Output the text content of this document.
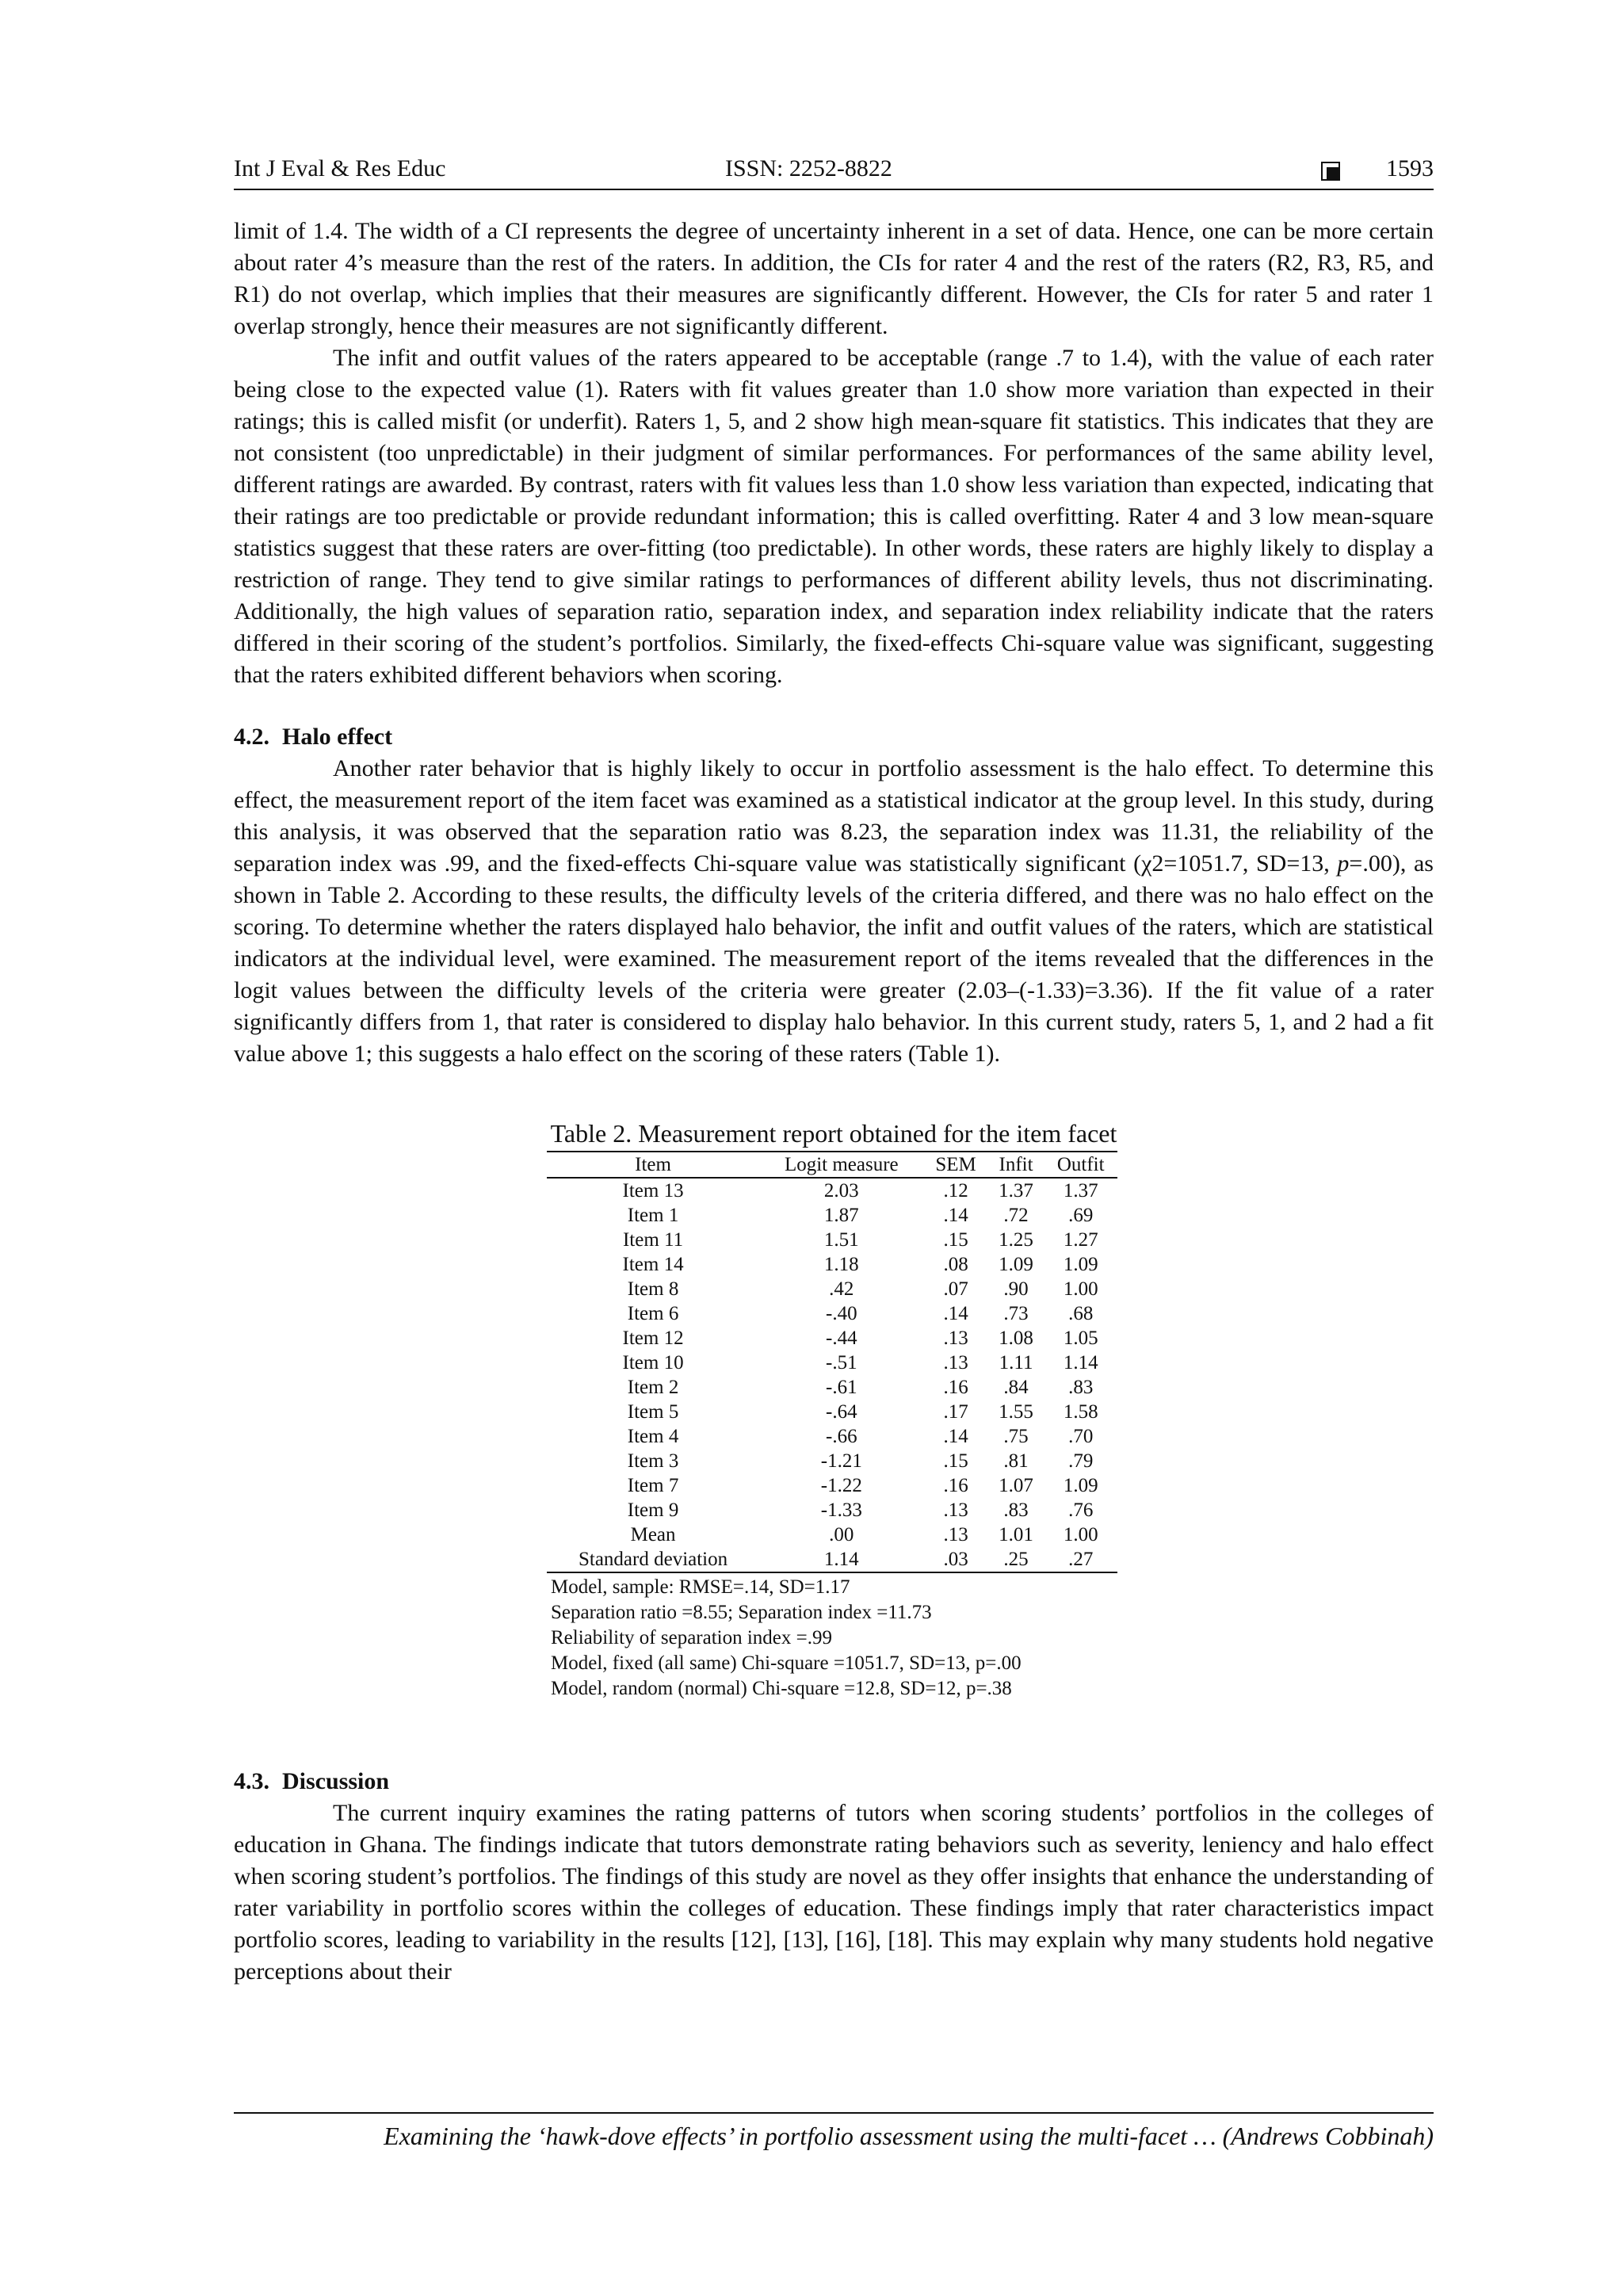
Int J Eval & Res Educ	ISSN: 2252-8822	1593

limit of 1.4. The width of a CI represents the degree of uncertainty inherent in a set of data. Hence, one can be more certain about rater 4’s measure than the rest of the raters. In addition, the CIs for rater 4 and the rest of the raters (R2, R3, R5, and R1) do not overlap, which implies that their measures are significantly different. However, the CIs for rater 5 and rater 1 overlap strongly, hence their measures are not significantly different.

The infit and outfit values of the raters appeared to be acceptable (range .7 to 1.4), with the value of each rater being close to the expected value (1). Raters with fit values greater than 1.0 show more variation than expected in their ratings; this is called misfit (or underfit). Raters 1, 5, and 2 show high mean-square fit statistics. This indicates that they are not consistent (too unpredictable) in their judgment of similar performances. For performances of the same ability level, different ratings are awarded. By contrast, raters with fit values less than 1.0 show less variation than expected, indicating that their ratings are too predictable or provide redundant information; this is called overfitting. Rater 4 and 3 low mean-square statistics suggest that these raters are over-fitting (too predictable). In other words, these raters are highly likely to display a restriction of range. They tend to give similar ratings to performances of different ability levels, thus not discriminating. Additionally, the high values of separation ratio, separation index, and separation index reliability indicate that the raters differed in their scoring of the student’s portfolios. Similarly, the fixed-effects Chi-square value was significant, suggesting that the raters exhibited different behaviors when scoring.

4.2. Halo effect

Another rater behavior that is highly likely to occur in portfolio assessment is the halo effect. To determine this effect, the measurement report of the item facet was examined as a statistical indicator at the group level. In this study, during this analysis, it was observed that the separation ratio was 8.23, the separation index was 11.31, the reliability of the separation index was .99, and the fixed-effects Chi-square value was statistically significant (χ2=1051.7, SD=13, p=.00), as shown in Table 2. According to these results, the difficulty levels of the criteria differed, and there was no halo effect on the scoring. To determine whether the raters displayed halo behavior, the infit and outfit values of the raters, which are statistical indicators at the individual level, were examined. The measurement report of the items revealed that the differences in the logit values between the difficulty levels of the criteria were greater (2.03–(-1.33)=3.36). If the fit value of a rater significantly differs from 1, that rater is considered to display halo behavior. In this current study, raters 5, 1, and 2 had a fit value above 1; this suggests a halo effect on the scoring of these raters (Table 1).

Table 2. Measurement report obtained for the item facet
Item	Logit measure	SEM	Infit	Outfit
Item 13	2.03	.12	1.37	1.37
Item 1	1.87	.14	.72	.69
Item 11	1.51	.15	1.25	1.27
Item 14	1.18	.08	1.09	1.09
Item 8	.42	.07	.90	1.00
Item 6	-.40	.14	.73	.68
Item 12	-.44	.13	1.08	1.05
Item 10	-.51	.13	1.11	1.14
Item 2	-.61	.16	.84	.83
Item 5	-.64	.17	1.55	1.58
Item 4	-.66	.14	.75	.70
Item 3	-1.21	.15	.81	.79
Item 7	-1.22	.16	1.07	1.09
Item 9	-1.33	.13	.83	.76
Mean	.00	.13	1.01	1.00
Standard deviation	1.14	.03	.25	.27
Model, sample: RMSE=.14, SD=1.17
Separation ratio =8.55; Separation index =11.73
Reliability of separation index =.99
Model, fixed (all same) Chi-square =1051.7, SD=13, p=.00
Model, random (normal) Chi-square =12.8, SD=12, p=.38
4.3. Discussion

The current inquiry examines the rating patterns of tutors when scoring students’ portfolios in the colleges of education in Ghana. The findings indicate that tutors demonstrate rating behaviors such as severity, leniency and halo effect when scoring student’s portfolios. The findings of this study are novel as they offer insights that enhance the understanding of rater variability in portfolio scores within the colleges of education. These findings imply that rater characteristics impact portfolio scores, leading to variability in the results [12], [13], [16], [18]. This may explain why many students hold negative perceptions about their

Examining the ‘hawk-dove effects’ in portfolio assessment using the multi-facet … (Andrews Cobbinah)
